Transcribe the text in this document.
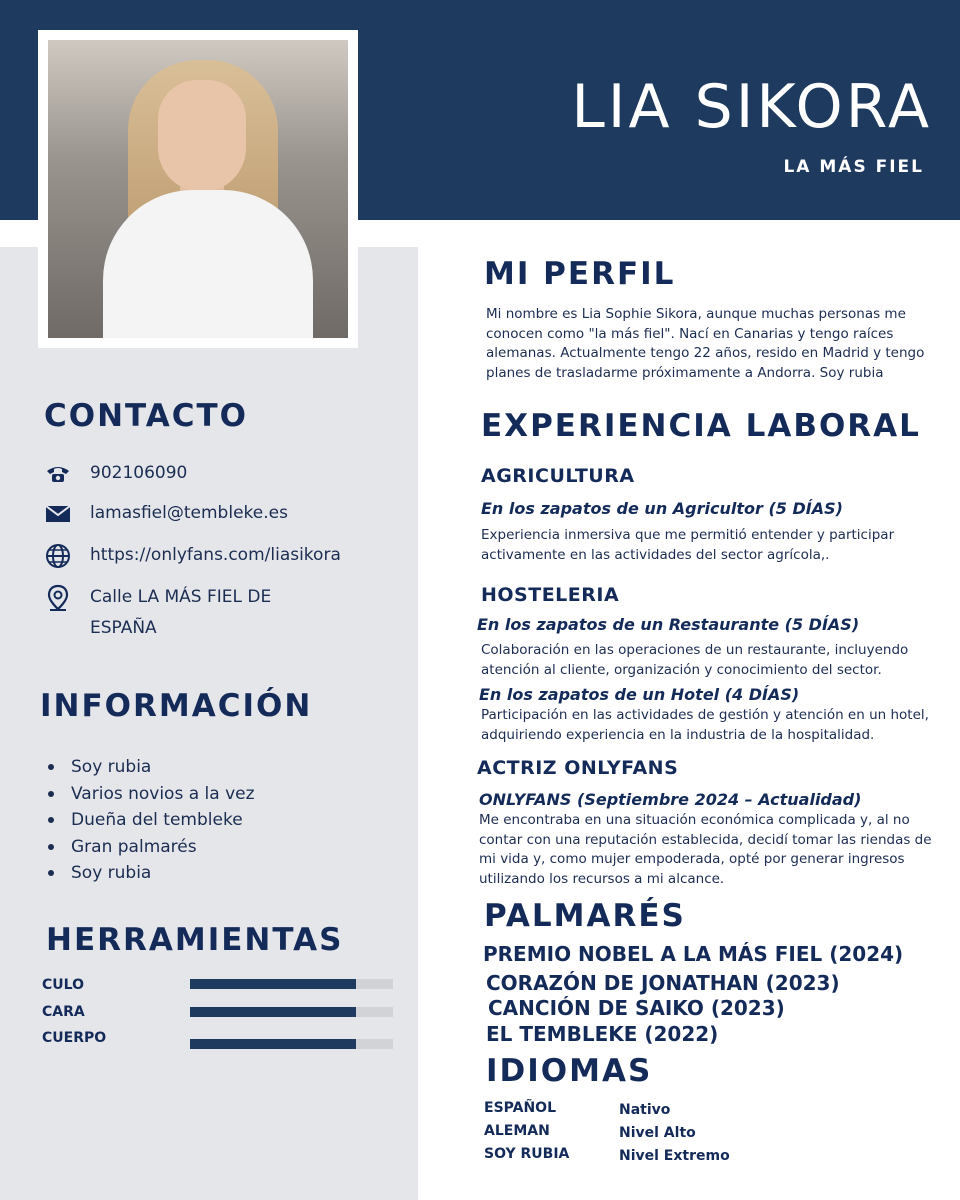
LIA SIKORA
LA MÁS FIEL
CONTACTO
902106090
lamasfiel@tembleke.es
https://onlyfans.com/liasikora
Calle LA MÁS FIEL DE
ESPAÑA
INFORMACIÓN
Soy rubia
Varios novios a la vez
Dueña del tembleke
Gran palmarés
Soy rubia
HERRAMIENTAS
CULO
CARA
CUERPO
MI PERFIL

Mi nombre es Lia Sophie Sikora, aunque muchas personas me conocen como "la más fiel". Nací en Canarias y tengo raíces alemanas. Actualmente tengo 22 años, resido en Madrid y tengo planes de trasladarme próximamente a Andorra. Soy rubia

EXPERIENCIA LABORAL
AGRICULTURA
En los zapatos de un Agricultor (5 DÍAS)

Experiencia inmersiva que me permitió entender y participar activamente en las actividades del sector agrícola,.

HOSTELERIA
En los zapatos de un Restaurante (5 DÍAS)

Colaboración en las operaciones de un restaurante, incluyendo atención al cliente, organización y conocimiento del sector.

En los zapatos de un Hotel (4 DÍAS)

Participación en las actividades de gestión y atención en un hotel, adquiriendo experiencia en la industria de la hospitalidad.

ACTRIZ ONLYFANS
ONLYFANS (Septiembre 2024 – Actualidad)

Me encontraba en una situación económica complicada y, al no contar con una reputación establecida, decidí tomar las riendas de mi vida y, como mujer empoderada, opté por generar ingresos utilizando los recursos a mi alcance.

PALMARÉS
PREMIO NOBEL A LA MÁS FIEL (2024)
CORAZÓN DE JONATHAN (2023)
CANCIÓN DE SAIKO (2023)
EL TEMBLEKE (2022)
IDIOMAS
ESPAÑOL
ALEMAN
SOY RUBIA
Nativo
Nivel Alto
Nivel Extremo
